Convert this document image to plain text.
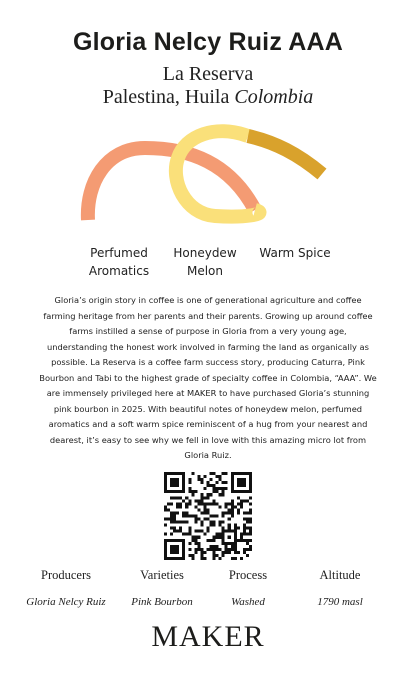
Gloria Nelcy Ruiz AAA
La Reserva
Palestina, Huila Colombia
Perfumed
Aromatics
Honeydew
Melon
Warm Spice
Gloria’s origin story in coffee is one of generational agriculture and coffee farming heritage from her parents and their parents. Growing up around coffee farms instilled a sense of purpose in Gloria from a very young age, understanding the honest work involved in farming the land as organically as possible. La Reserva is a coffee farm success story, producing Caturra, Pink Bourbon and Tabi to the highest grade of specialty coffee in Colombia, “AAA”. We are immensely privileged here at MAKER to have purchased Gloria’s stunning pink bourbon in 2025. With beautiful notes of honeydew melon, perfumed aromatics and a soft warm spice reminiscent of a hug from your nearest and dearest, it’s easy to see why we fell in love with this amazing micro lot from Gloria Ruiz.
Producers
Gloria Nelcy Ruiz
Varieties
Pink Bourbon
Process
Washed
Altitude
1790 masl
MAKER
